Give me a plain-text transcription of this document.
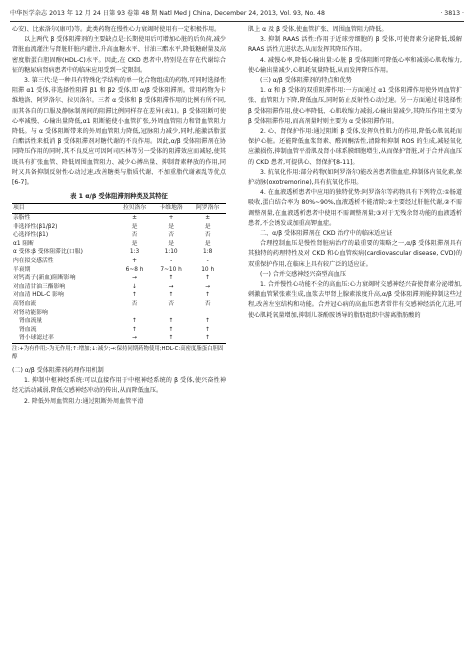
中华医学杂志 2013 年 12 月 24 日第 93 卷第 48 期 Natl Med J China, December 24, 2013, Vol. 93, No. 48	· 3813 ·

心安)、比索洛尔(康可)等。此类药物在慢性心力衰竭时使用有一定积极作用。

以上两代 β 受体阻滞剂的主要缺点是:长期使用后可增加心脏的后负荷,减少肾脏血流灌注与肾脏肝脏内灌注,升高血糖水平、甘油三酯水平,降低糖耐量及高密度脂蛋白胆固醇(HDL-C)水平。因此,在 CKD 患者中,特别是在存在代谢综合征的糖尿病肾病患者中的临床应用受到一定限制。

3. 第三代:是一种具有特殊化学结构的单一化合物组成的药物,可同时选择性阻滞 α1 受体,非选择性阻滞 β1 和 β2 受体,即 α/β 受体阻滞剂。常用药物为卡维地洛、阿罗洛尔、拉贝洛尔。三者 α 受体和 β 受体阻滞作用的比例有所不同,而其各自的口服及静脉制剂间的阻滞比例同样存在差异(表1)。β 受体阻断可使心率减慢、心输出量降低,α1 阻断能使小血管扩张,外周血管阻力和肾血管阻力降低。与 α 受体阻断带来的外周血管阻力降低,冠脉阻力减少,同时,能激活脂蛋白酯活性来抵消 β 受体阻滞剂对糖代谢的不良作用。因此,α/β 受体阻滞剂在协同降压作用的同时,其不良反应可因阿司匹林等另一受体的阻滞效应而减轻,使其既具有扩张血管、降低周围血管阻力、减少心搏出量、抑制肾素释放的作用,同时又具备抑制反射性心动过速,改善糖类与脂质代谢、不加重脂代谢紊乱等优点[6-7]。

表 1 α/β 受体阻滞剂种类及其特征
项目	拉贝洛尔	卡维地洛	阿罗洛尔
亲脂性	±	+	±
非选择性(β1/β2)	是	是	是
心选择性(β1)	否	否	否
α1 阻断	是	是	是
α 受体:β 受体阻滞比(口服)	1:3	1:10	1:8
内在拟交感活性	+	-	-
半衰期	6~8 h	7~10 h	10 h
对钙离子(新血)阻断影响	→	↑	↑
对血清甘油三酯影响	↓	→	→
对血清 HDL-C 影响	↑	↑	↑
高肾血流	否	否	否
对肾功能影响			
肾血流量	↑	↑	↑
肾血流	↑	↑	↑
肾小球滤过率	→	↑	↑
注:+为有作用;-为无作用;↑:增加;↓:减少;→:保持同期药物使用;HDL-C:高密度脂蛋白胆固醇

(二) α/β 受体阻滞剂药理作用机制

1. 抑制中枢神经系统:可以直接作用于中枢神经系统的 β 受体,使兴奋性神经元活动减弱,降低交感神经冲动的传出,从而降低血压。

2. 降低外周血管阻力:通过阻断外周血管平滑

肌上 α 及 β 受体,使血管扩张、周围血管阻力降低。

3. 抑制 RAAS 活性:作用于近球旁细胞的 β 受体,可使肾素分泌降低,缓解 RAAS 活性亢进状态,从而发挥其降压作用。

4. 减慢心率,降低心输出量:心脏 β 受体阻断可降低心率和减弱心肌收缩力,使心输出量减少,心肌耗氧量降低,从而发挥降压作用。

(三) α/β 受体阻滞剂的特点和优势

1. α 和 β 受体的双重阻滞作用:一方面通过 α1 受体阻滞作用使外周血管扩张、血管阻力下降,降低血压,同时防止反射性心动过速。另一方面通过非选择性 β 受体阻滞作用,使心率降低、心肌收缩力减弱,心输出量减少,其降压作用主要为 β 受体阻滞作用,而高剂量时则主要为 α 受体阻滞作用。

2. 心、肾保护作用:通过阻断 β 受体,发挥负性肌力的作用,降低心肌氧耗而保护心脏。还能降低血浆肾素、醛固酮活性,清除和抑制 ROS 的生成,减轻氧化应激损伤,抑制血管平滑肌及肾小球系膜细胞增生,从而保护肾脏,对于合并高血压的 CKD 患者,可提供心、肾保护[8-11]。

3. 抗氧化作用:部分药物(如阿罗洛尔)能改善患者脂血症,抑制体内氧化素,保护动脉(oxotremorine),具有抗氧化作用。

4. 在血液透析患者中应用的独特优势:阿罗洛尔等药物具有下列特点:①肠道吸收,蛋白结合率为 80%~90%,血液透析不能清除;②主要经过肝脏代谢,②不需调整剂量,在血液透析患者中使用不需调整剂量;③对于无残余肾功能的血液透析患者,不会诱发或加重高钾血症。

二、α/β 受体阻滞剂在 CKD 治疗中的临床适应证

合理控制血压是慢性肾脏病治疗的最重要的策略之一,α/β 受体阻滞剂具有其独特的药理特性及对 CKD 和心血管疾病(cardiovascular disease, CVD)的双重保护作用,在临床上具有较广泛的适应证。

(一) 合并交感神经兴奋型高血压

1. 合并慢性心功能不全的高血压:心力衰竭时交感神经兴奋使肾素分泌增加,刺激血管紧张素生成,血浆去甲肾上腺素浓度升高,α/β 受体阻滞剂能抑制这些过程,改善左室结构和功能。合并冠心病的高血压患者常伴有交感神经活化亢进,可使心肌耗氧量增加,抑制儿茶酚胺诱导的脂肪组织中游离脂肪酸的
